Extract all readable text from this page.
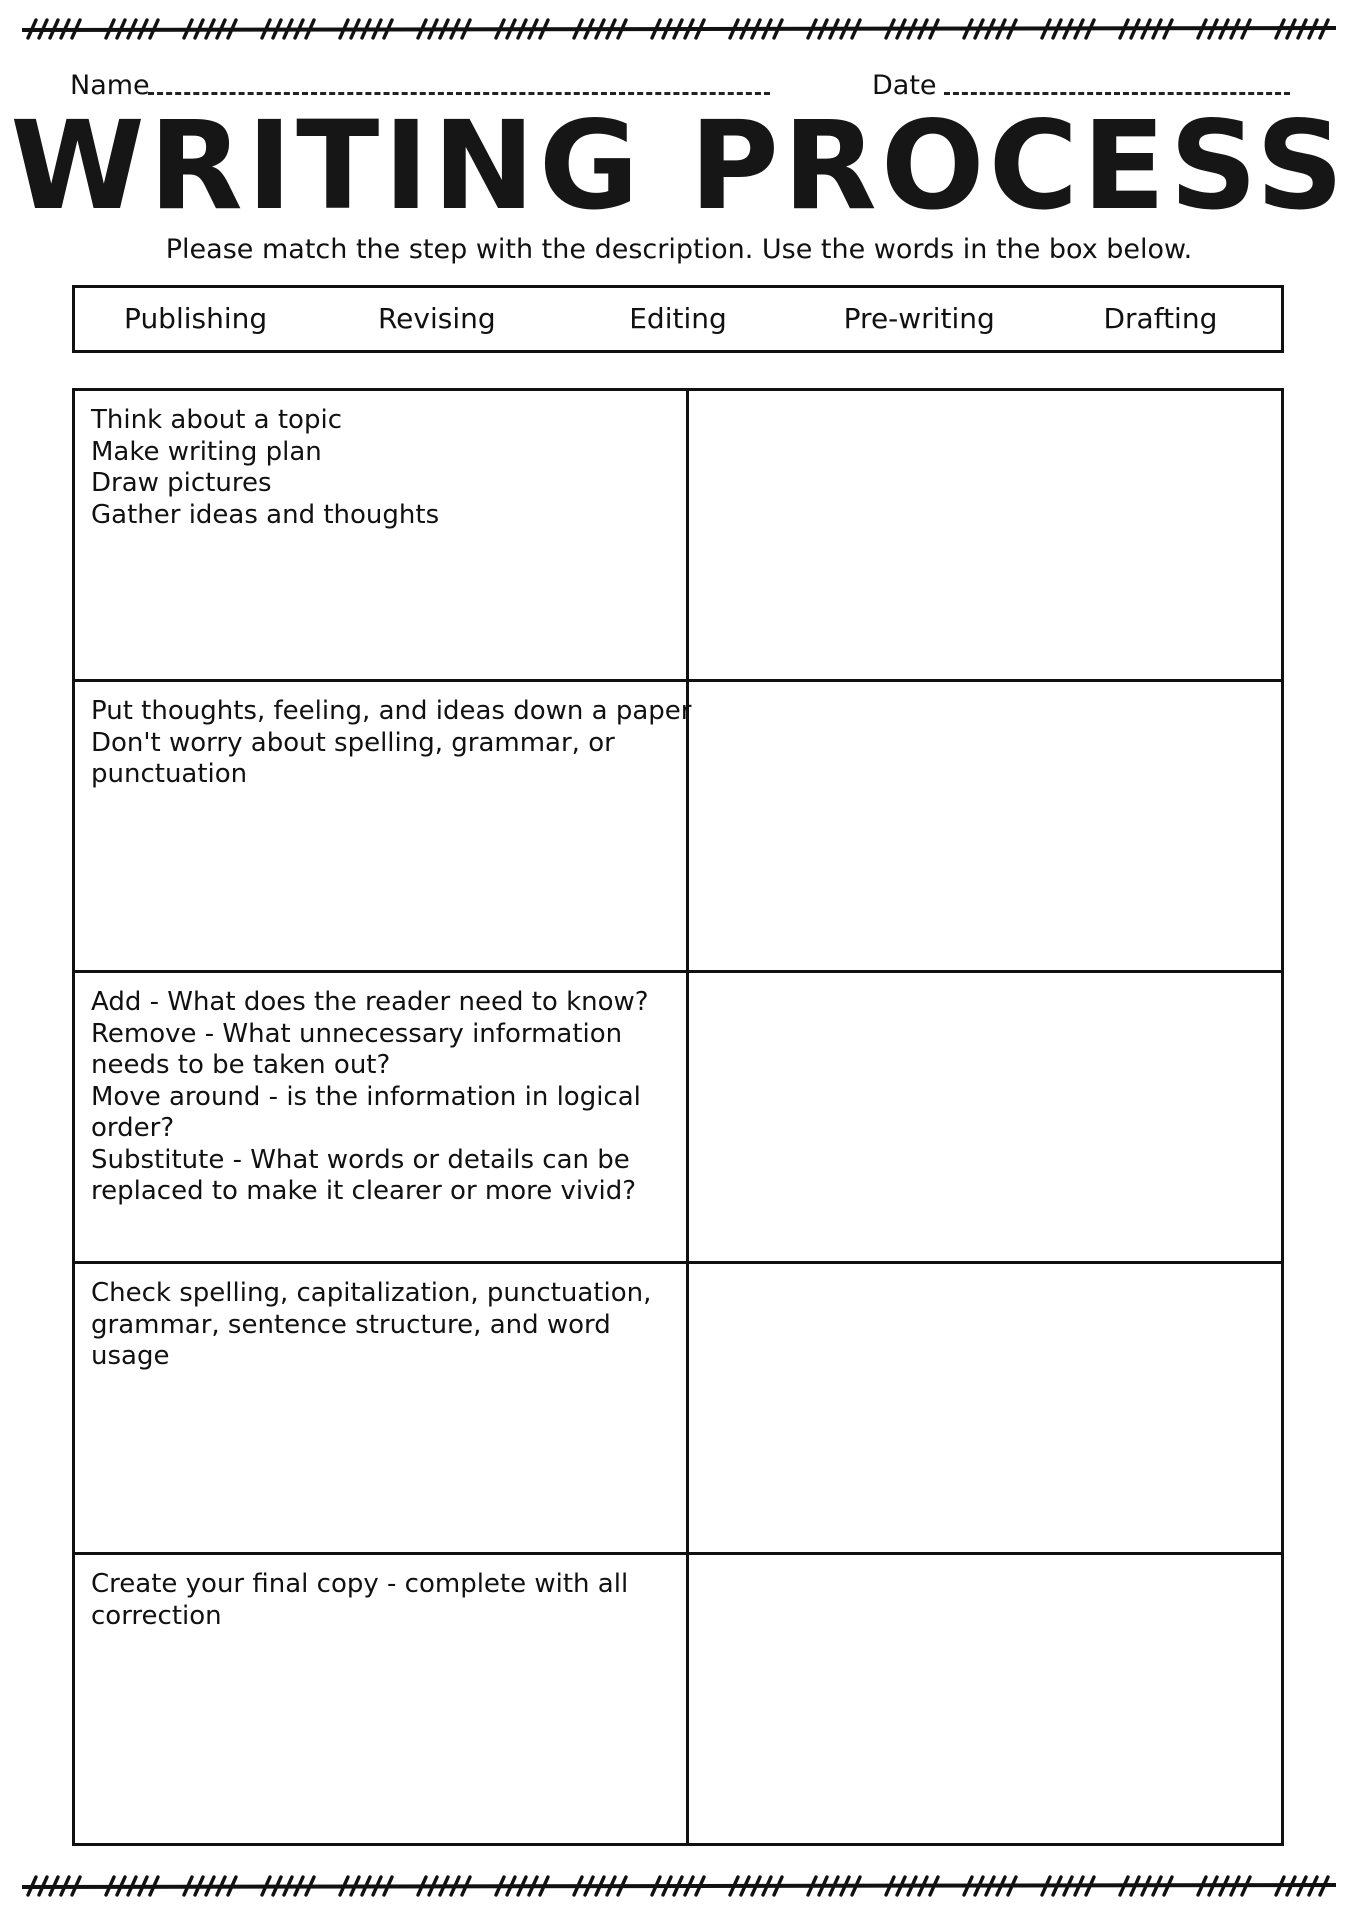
Name	Date
WRITING PROCESS
Please match the step with the description. Use the words in the box below.
Publishing	Revising	Editing	Pre-writing	Drafting
Think about a topic
Make writing plan
Draw pictures
Gather ideas and thoughts
Put thoughts, feeling, and ideas down a paper
Don't worry about spelling, grammar, or
punctuation
Add - What does the reader need to know?
Remove - What unnecessary information
needs to be taken out?
Move around - is the information in logical
order?
Substitute - What words or details can be
replaced to make it clearer or more vivid?
Check spelling, capitalization, punctuation,
grammar, sentence structure, and word
usage
Create your final copy - complete with all
correction
